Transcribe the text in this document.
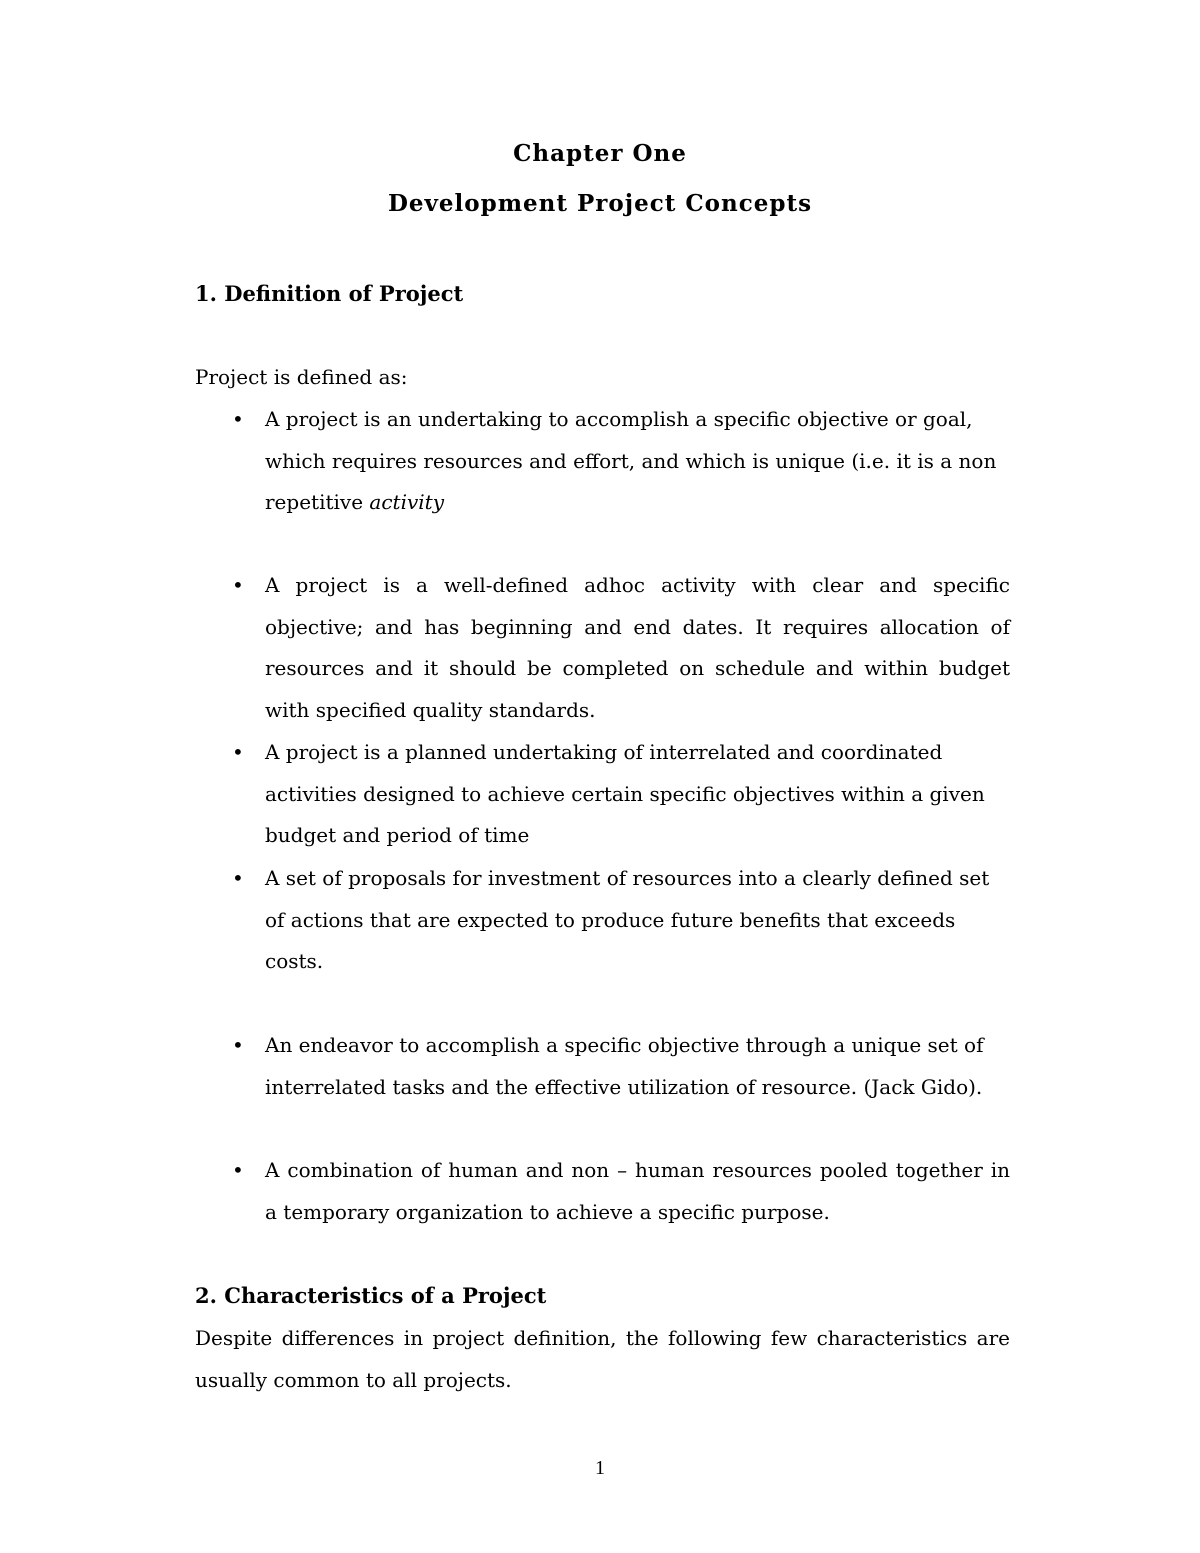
Chapter One
Development Project Concepts
1. Definition of Project
Project is defined as:
• A project is an undertaking to accomplish a specific objective or goal, which requires resources and effort, and which is unique (i.e. it is a non repetitive activity
• A project is a well-defined adhoc activity with clear and specific objective; and has beginning and end dates. It requires allocation of resources and it should be completed on schedule and within budget with specified quality standards.
• A project is a planned undertaking of interrelated and coordinated activities designed to achieve certain specific objectives within a given budget and period of time
• A set of proposals for investment of resources into a clearly defined set of actions that are expected to produce future benefits that exceeds costs.
• An endeavor to accomplish a specific objective through a unique set of interrelated tasks and the effective utilization of resource. (Jack Gido).
• A combination of human and non – human resources pooled together in a temporary organization to achieve a specific purpose.
2. Characteristics of a Project
Despite differences in project definition, the following few characteristics are usually common to all projects.
1
